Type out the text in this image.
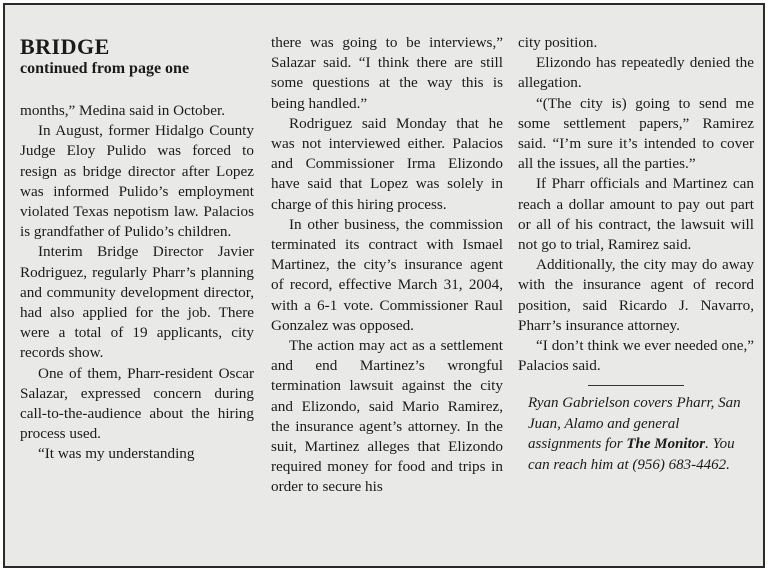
BRIDGE
continued from page one

months,” Medina said in October.

In August, former Hidalgo County Judge Eloy Pulido was forced to resign as bridge director after Lopez was informed Pulido’s employment violated Texas nepotism law. Palacios is grandfather of Pulido’s children.

Interim Bridge Director Javier Rodriguez, regularly Pharr’s planning and community development director, had also applied for the job. There were a total of 19 applicants, city records show.

One of them, Pharr-resident Oscar Salazar, expressed concern during call-to-the-audience about the hiring process used.

“It was my understanding

there was going to be interviews,” Salazar said. “I think there are still some questions at the way this is being handled.”

Rodriguez said Monday that he was not interviewed either. Palacios and Commissioner Irma Elizondo have said that Lopez was solely in charge of this hiring process.

In other business, the commission terminated its contract with Ismael Martinez, the city’s insurance agent of record, effective March 31, 2004, with a 6-1 vote. Commissioner Raul Gonzalez was opposed.

The action may act as a settlement and end Martinez’s wrongful termination lawsuit against the city and Elizondo, said Mario Ramirez, the insurance agent’s attorney. In the suit, Martinez alleges that Elizondo required money for food and trips in order to secure his

city position.

Elizondo has repeatedly denied the allegation.

“(The city is) going to send me some settlement papers,” Ramirez said. “I’m sure it’s intended to cover all the issues, all the parties.”

If Pharr officials and Martinez can reach a dollar amount to pay out part or all of his contract, the lawsuit will not go to trial, Ramirez said.

Additionally, the city may do away with the insurance agent of record position, said Ricardo J. Navarro, Pharr’s insurance attorney.

“I don’t think we ever needed one,” Palacios said.

Ryan Gabrielson covers Pharr, San Juan, Alamo and general assignments for The Monitor. You can reach him at (956) 683-4462.
